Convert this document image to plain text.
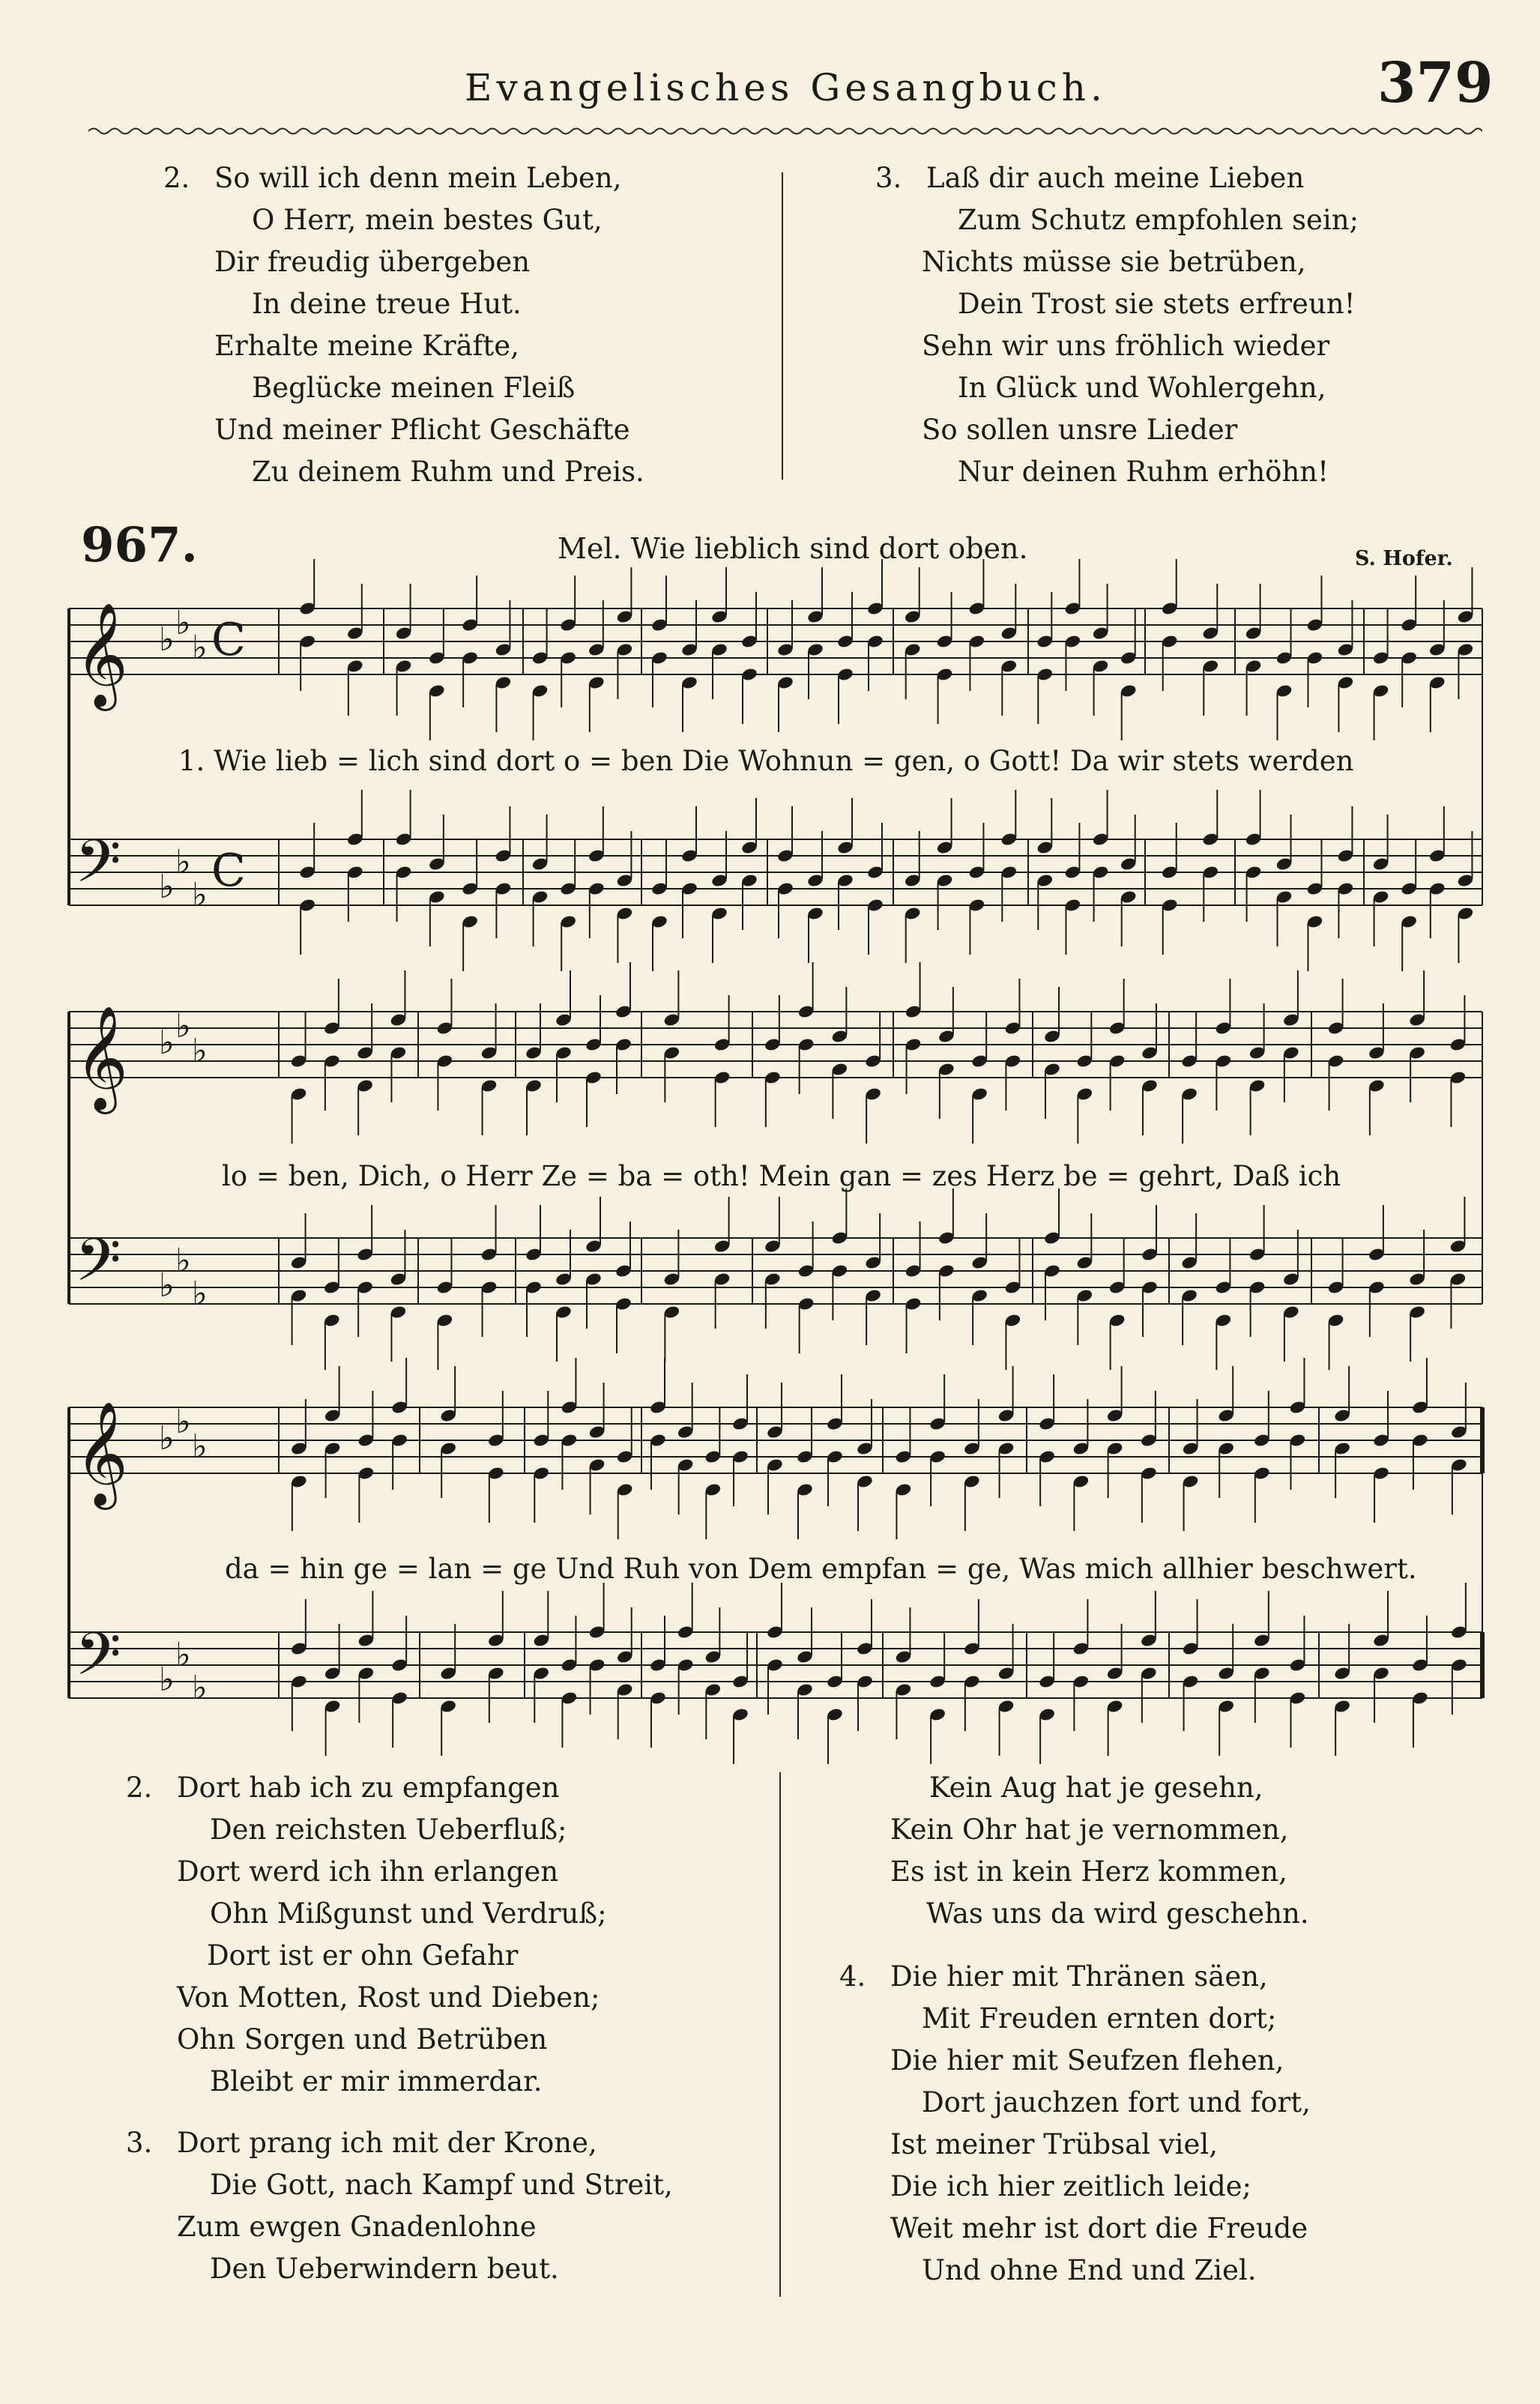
Evangelisches Gesangbuch.	379
2. So will ich denn mein Leben,
O Herr, mein bestes Gut,
Dir freudig übergeben
In deine treue Hut.
Erhalte meine Kräfte,
Beglücke meinen Fleiß
Und meiner Pflicht Geschäfte
Zu deinem Ruhm und Preis.
3. Laß dir auch meine Lieben
Zum Schutz empfohlen sein;
Nichts müsse sie betrüben,
Dein Trost sie stets erfreun!
Sehn wir uns fröhlich wieder
In Glück und Wohlergehn,
So sollen unsre Lieder
Nur deinen Ruhm erhöhn!
967.	Mel. Wie lieblich sind dort oben.	S. Hofer.
𝄞 ♭ ♭
♭ C
𝄢 ♭
♭
♭ C
𝄞 ♭ ♭
♭
𝄢 ♭
♭
♭
𝄞 ♭ ♭
♭
𝄢 ♭
♭
♭
1. Wie lieb = lich sind dort o = ben Die Wohnun = gen, o Gott! Da wir stets werden
lo = ben, Dich, o Herr Ze = ba = oth! Mein gan = zes Herz be = gehrt, Daß ich
da = hin ge = lan = ge Und Ruh von Dem empfan = ge, Was mich allhier beschwert.
2. Dort hab ich zu empfangen
Den reichsten Ueberfluß;
Dort werd ich ihn erlangen
Ohn Mißgunst und Verdruß;
Dort ist er ohn Gefahr
Von Motten, Rost und Dieben;
Ohn Sorgen und Betrüben
Bleibt er mir immerdar.
3. Dort prang ich mit der Krone,
Die Gott, nach Kampf und Streit,
Zum ewgen Gnadenlohne
Den Ueberwindern beut.
Kein Aug hat je gesehn,
Kein Ohr hat je vernommen,
Es ist in kein Herz kommen,
Was uns da wird geschehn.
4. Die hier mit Thränen säen,
Mit Freuden ernten dort;
Die hier mit Seufzen flehen,
Dort jauchzen fort und fort,
Ist meiner Trübsal viel,
Die ich hier zeitlich leide;
Weit mehr ist dort die Freude
Und ohne End und Ziel.
